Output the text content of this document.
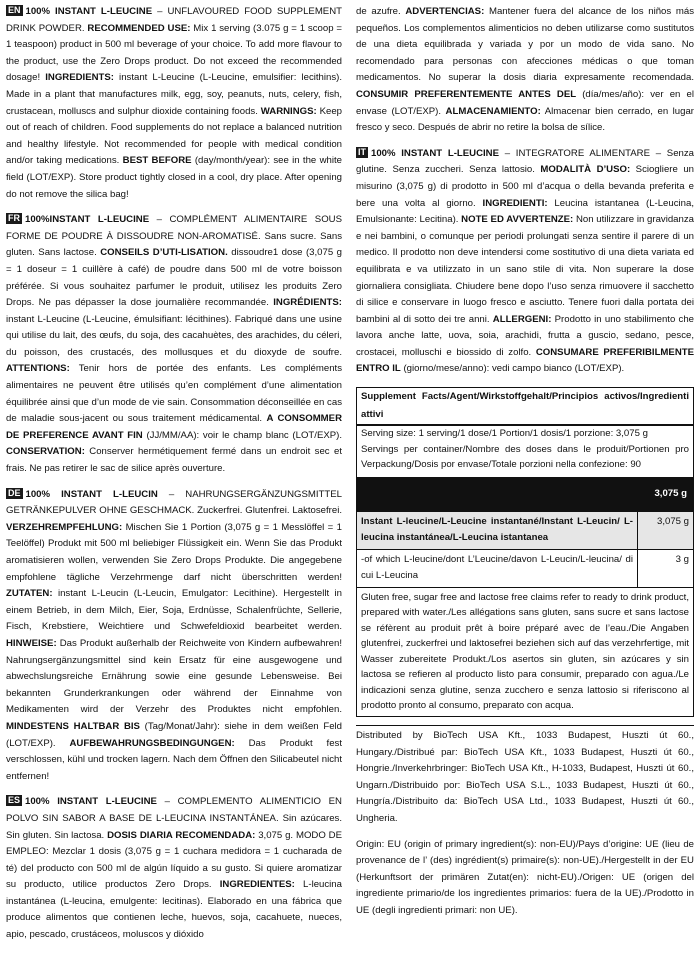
EN 100% INSTANT L-LEUCINE – UNFLAVOURED FOOD SUPPLEMENT DRINK POWDER. RECOMMENDED USE: Mix 1 serving (3.075 g = 1 scoop = 1 teaspoon) product in 500 ml beverage of your choice. To add more flavour to the product, use the Zero Drops product. Do not exceed the recommended dosage! INGREDIENTS: instant L-Leucine (L-Leucine, emulsifier: lecithins). Made in a plant that manufactures milk, egg, soy, peanuts, nuts, celery, fish, crustacean, molluscs and sulphur dioxide containing foods. WARNINGS: Keep out of reach of children. Food supplements do not replace a balanced nutrition and healthy lifestyle. Not recommended for people with medical condition and/or taking medications. BEST BEFORE (day/month/year): see in the white field (LOT/EXP). Store product tightly closed in a cool, dry place. After opening do not remove the silica bag!
FR 100%INSTANT L-LEUCINE – COMPLÉMENT ALIMENTAIRE SOUS FORME DE POUDRE À DISSOUDRE NON-AROMATISÉ. Sans sucre. Sans gluten. Sans lactose. CONSEILS D’UTI-LISATION. dissoudre1 dose (3,075 g = 1 doseur = 1 cuillère à café) de poudre dans 500 ml de votre boisson préférée. Si vous souhaitez parfumer le produit, utilisez les produits Zero Drops. Ne pas dépasser la dose journalière recommandée. INGRÉDIENTS: instant L-Leucine (L-Leucine, émulsifiant: lécithines). Fabriqué dans une usine qui utilise du lait, des œufs, du soja, des cacahuètes, des arachides, du céleri, du poisson, des crustacés, des mollusques et du dioxyde de soufre. ATTENTIONS: Tenir hors de portée des enfants. Les compléments alimentaires ne peuvent être utilisés qu’en complément d’une alimentation équilibrée ainsi que d’un mode de vie sain. Consommation déconseillée en cas de maladie sous-jacent ou sous traitement médicamental. A CONSOMMER DE PREFERENCE AVANT FIN (JJ/MM/AA): voir le champ blanc (LOT/EXP). CONSERVATION: Conserver hermétiquement fermé dans un endroit sec et frais. Ne pas retirer le sac de silice après ouverture.
DE 100% INSTANT L-LEUCIN – NAHRUNGSERGÄNZUNGSMITTEL GETRÄNKEPULVER OHNE GESCHMACK. Zuckerfrei. Glutenfrei. Laktosefrei. VERZEHREMPFEHLUNG: Mischen Sie 1 Portion (3,075 g = 1 Messlöffel = 1 Teelöffel) Produkt mit 500 ml beliebiger Flüssigkeit ein. Wenn Sie das Produkt aromatisieren wollen, verwenden Sie Zero Drops Produkte. Die angegebene empfohlene tägliche Verzehrmenge darf nicht überschritten werden! ZUTATEN: instant L-Leucin (L-Leucin, Emulgator: Lecithine). Hergestellt in einem Betrieb, in dem Milch, Eier, Soja, Erdnüsse, Schalenfrüchte, Sellerie, Fisch, Krebstiere, Weichtiere und Schwefeldioxid bearbeitet werden. HINWEISE: Das Produkt außerhalb der Reichweite von Kindern aufbewahren! Nahrungsergänzungsmittel sind kein Ersatz für eine ausgewogene und abwechslungsreiche Ernährung sowie eine gesunde Lebensweise. Bei bekannten Grunderkrankungen oder während der Einnahme von Medikamenten wird der Verzehr des Produktes nicht empfohlen. MINDESTENS HALTBAR BIS (Tag/Monat/Jahr): siehe in dem weißen Feld (LOT/EXP). AUFBEWAHRUNGSBEDINGUNGEN: Das Produkt fest verschlossen, kühl und trocken lagern. Nach dem Öffnen den Silicabeutel nicht entfernen!
ES 100% INSTANT L-LEUCINE – COMPLEMENTO ALIMENTICIO EN POLVO SIN SABOR A BASE DE L-LEUCINA INSTANTÁNEA. Sin azúcares. Sin gluten. Sin lactosa. DOSIS DIARIA RECOMENDADA: 3,075 g. MODO DE EMPLEO: Mezclar 1 dosis (3,075 g = 1 cuchara medidora = 1 cucharada de té) del producto con 500 ml de algún líquido a su gusto. Si quiere aromatizar su producto, utilice productos Zero Drops. INGREDIENTES: L-leucina instantánea (L-leucina, emulgente: lecitinas). Elaborado en una fábrica que produce alimentos que contienen leche, huevos, soja, cacahuete, nueces, apio, pescado, crustáceos, moluscos y dióxido
de azufre. ADVERTENCIAS: Mantener fuera del alcance de los niños más pequeños. Los complementos alimenticios no deben utilizarse como sustitutos de una dieta equilibrada y variada y por un modo de vida sano. No recomendado para personas con afecciones médicas o que toman medicamentos. No superar la dosis diaria expresamente recomendada. CONSUMIR PREFERENTEMENTE ANTES DEL (día/mes/año): ver en el envase (LOT/EXP). ALMACENAMIENTO: Almacenar bien cerrado, en lugar fresco y seco. Después de abrir no retire la bolsa de sílice.
IT 100% INSTANT L-LEUCINE – INTEGRATORE ALIMENTARE – Senza glutine. Senza zuccheri. Senza lattosio. MODALITÀ D’USO: Sciogliere un misurino (3,075 g) di prodotto in 500 ml d’acqua o della bevanda preferita e bere una volta al giorno. INGREDIENTI: Leucina istantanea (L-Leucina, Emulsionante: Lecitina). NOTE ED AVVERTENZE: Non utilizzare in gravidanza e nei bambini, o comunque per periodi prolungati senza sentire il parere di un medico. Il prodotto non deve intendersi come sostitutivo di una dieta variata ed equilibrata e va utilizzato in un sano stile di vita. Non superare la dose giornaliera consigliata. Chiudere bene dopo l’uso senza rimuovere il sacchetto di silice e conservare in luogo fresco e asciutto. Tenere fuori dalla portata dei bambini al di sotto dei tre anni. ALLERGENI: Prodotto in uno stabilimento che lavora anche latte, uova, soia, arachidi, frutta a guscio, sedano, pesce, crostacei, molluschi e biossido di zolfo. CONSUMARE PREFERIBILMENTE ENTRO IL (giorno/mese/anno): vedi campo bianco (LOT/EXP).
Supplement Facts/Agent/Wirkstoffgehalt/Principios activos/Ingredienti attivi
Serving size: 1 serving/1 dose/1 Portion/1 dosis/1 porzione: 3,075 g
Servings per container/Nombre des doses dans le produit/Portionen pro Verpackung/Dosis por envase/Totale porzioni nella confezione: 90
3,075 g
Instant L-leucine/L-Leucine instantané/Instant L-Leucin/ L-leucina instantánea/L-Leucina istantanea
3,075 g
-of which L-leucine/dont L’Leucine/davon L-Leucin/L-leucina/ di cui L-Leucina
3 g
Gluten free, sugar free and lactose free claims refer to ready to drink product, prepared with water./Les allégations sans gluten, sans sucre et sans lactose se réfèrent au produit prêt à boire préparé avec de l’eau./Die Angaben glutenfrei, zuckerfrei und laktosefrei beziehen sich auf das verzehrfertige, mit Wasser zubereitete Produkt./Los asertos sin gluten, sin azúcares y sin lactosa se refieren al producto listo para consumir, preparado con agua./Le indicazioni senza glutine, senza zucchero e senza lattosio si riferiscono al prodotto pronto al consumo, preparato con acqua.
Distributed by BioTech USA Kft., 1033 Budapest, Huszti út 60., Hungary./Distribué par: BioTech USA Kft., 1033 Budapest, Huszti út 60., Hongrie./Inverkehrbringer: BioTech USA Kft., H-1033, Budapest, Huszti út 60., Ungarn./Distribuido por: BioTech USA S.L., 1033 Budapest, Huszti út 60., Hungría./Distribuito da: BioTech USA Ltd., 1033 Budapest, Huszti út 60., Ungheria.
Origin: EU (origin of primary ingredient(s): non-EU)/Pays d’origine: UE (lieu de provenance de l’ (des) ingrédient(s) primaire(s): non-UE)./Hergestellt in der EU (Herkunftsort der primären Zutat(en): nicht-EU)./Origen: UE (origen del ingrediente primario/de los ingredientes primarios: fuera de la UE)./Prodotto in UE (degli ingredienti primari: non UE).
